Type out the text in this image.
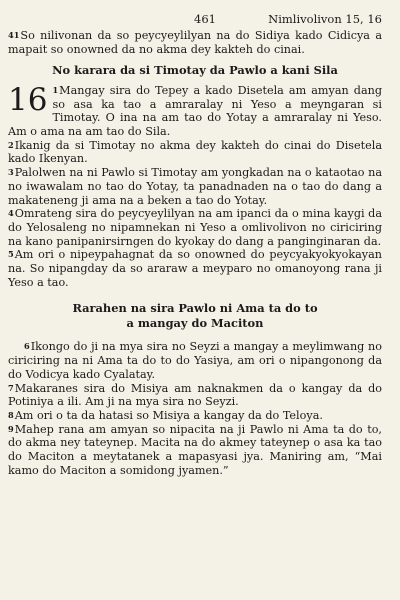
461	Nimlivolivon 15, 16

41So nilivonan da so peycyeylilyan na do Sidiya kado Cidicya a mapait so onowned da no akma dey kakteh do cinai.

No karara da si Timotay da Pawlo a kani Sila
16 1Mangay sira do Tepey a kado Disetela am amyan dang so asa ka tao a amraralay ni Yeso a meyngaran si Timotay. O ina na am tao do Yotay a amraralay ni Yeso. Am o ama na am tao do Sila.

2Ikanig da si Timotay no akma dey kakteh do cinai do Disetela kado Ikenyan.

3Palolwen na ni Pawlo si Timotay am yongkadan na o kataotao na no iwawalam no tao do Yotay, ta panadnaden na o tao do dang a makateneng ji ama na a beken a tao do Yotay.

4Omrateng sira do peycyeylilyan na am ipanci da o mina kaygi da do Yelosaleng no nipamnekan ni Yeso a omlivolivon no ciriciring na kano panipanirsirngen do kyokay do dang a panginginaran da.

5Am ori o nipeypahagnat da so onowned do peycyakyokyokayan na. So nipangday da so araraw a meyparo no omanoyong rana ji Yeso a tao.

Rarahen na sira Pawlo ni Ama ta do to
a mangay do Maciton

6Ikongo do ji na mya sira no Seyzi a mangay a meylimwang no ciriciring na ni Ama ta do to do Yasiya, am ori o nipangonong da do Vodicya kado Cyalatay.

7Makaranes sira do Misiya am naknakmen da o kangay da do Potiniya a ili. Am ji na mya sira no Seyzi.

8Am ori o ta da hatasi so Misiya a kangay da do Teloya.

9Mahep rana am amyan so nipacita na ji Pawlo ni Ama ta do to, do akma ney tateynep. Macita na do akmey tateynep o asa ka tao do Maciton a meytatanek a mapasyasi jya. Maniring am, “Mai kamo do Maciton a somidong jyamen.”
